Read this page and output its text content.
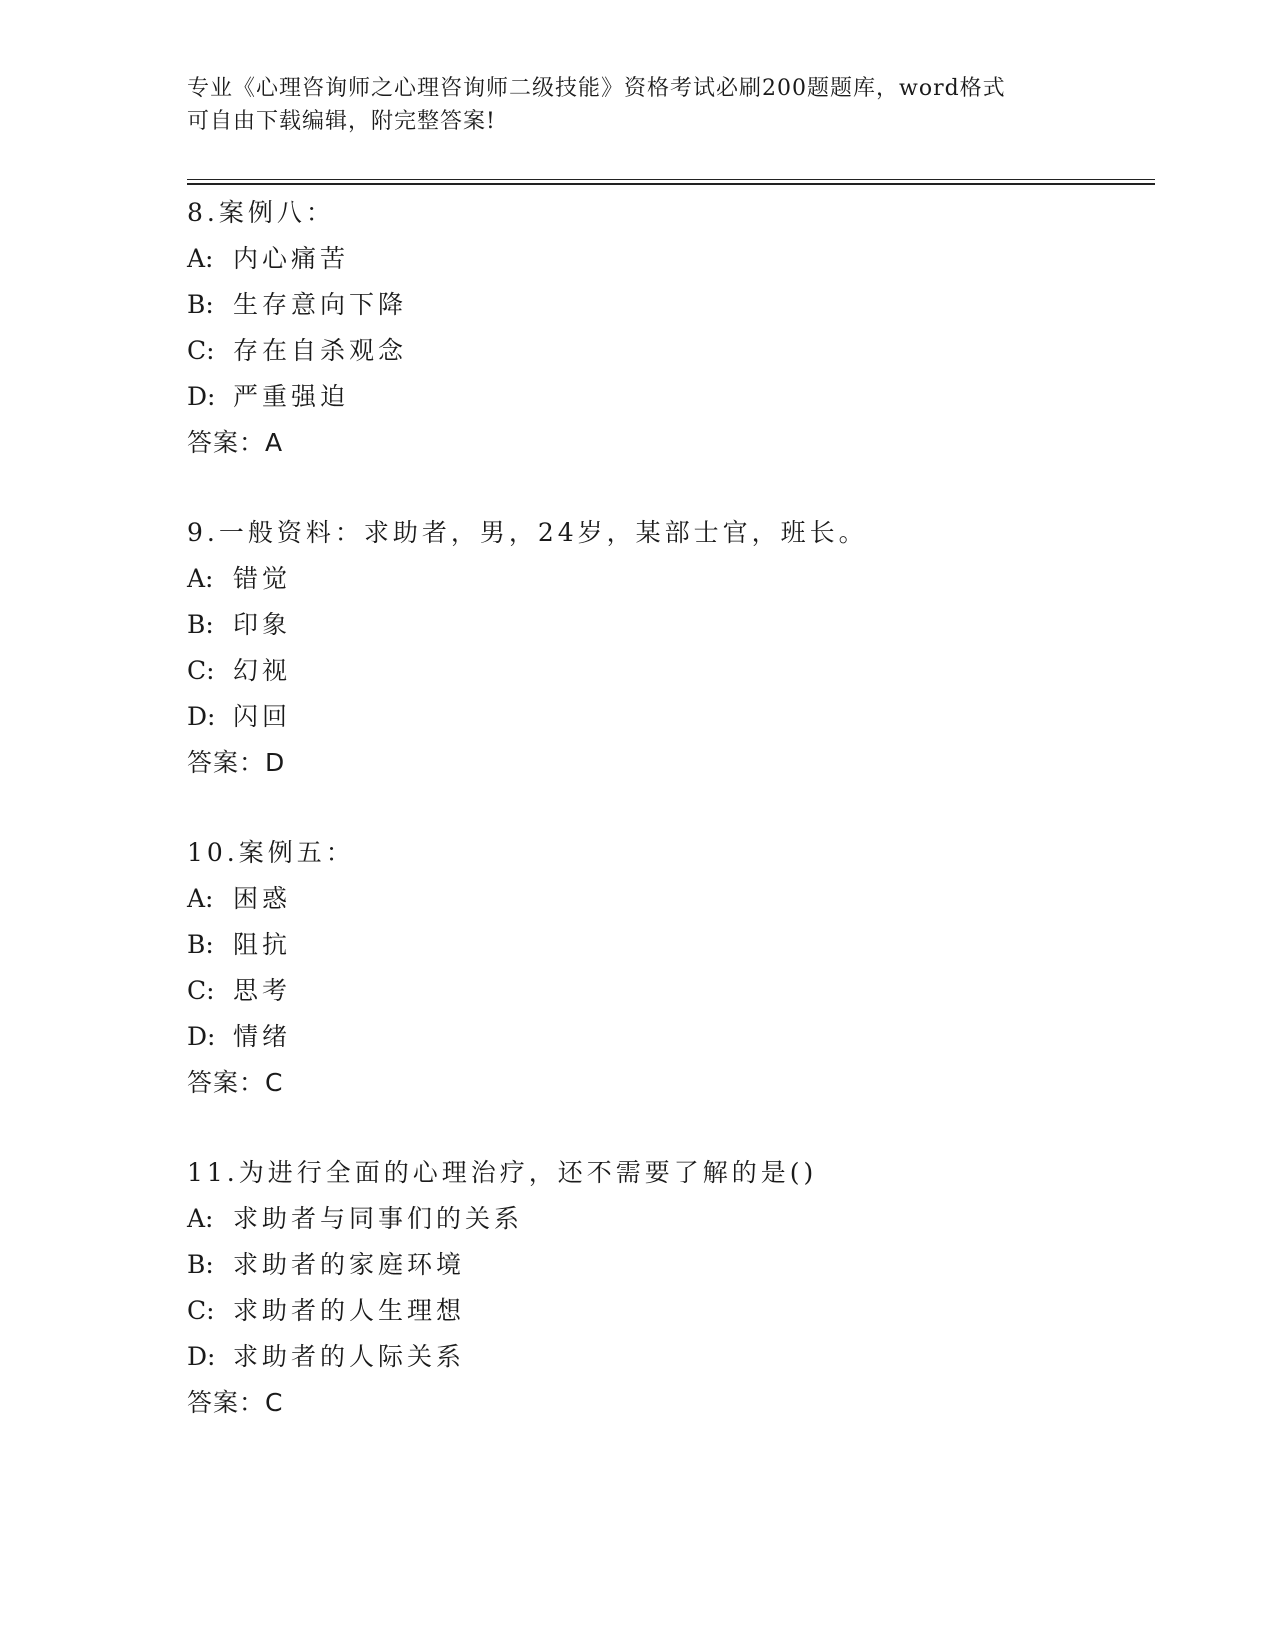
专业《心理咨询师之心理咨询师二级技能》资格考试必刷200题题库，word格式
可自由下载编辑，附完整答案!
8.案例八：
A: 内心痛苦
B: 生存意向下降
C: 存在自杀观念
D: 严重强迫
答案：A
9.一般资料：求助者，男，24岁，某部士官，班长。
A: 错觉
B: 印象
C: 幻视
D: 闪回
答案：D
10.案例五：
A: 困惑
B: 阻抗
C: 思考
D: 情绪
答案：C
11.为进行全面的心理治疗，还不需要了解的是()
A: 求助者与同事们的关系
B: 求助者的家庭环境
C: 求助者的人生理想
D: 求助者的人际关系
答案：C
